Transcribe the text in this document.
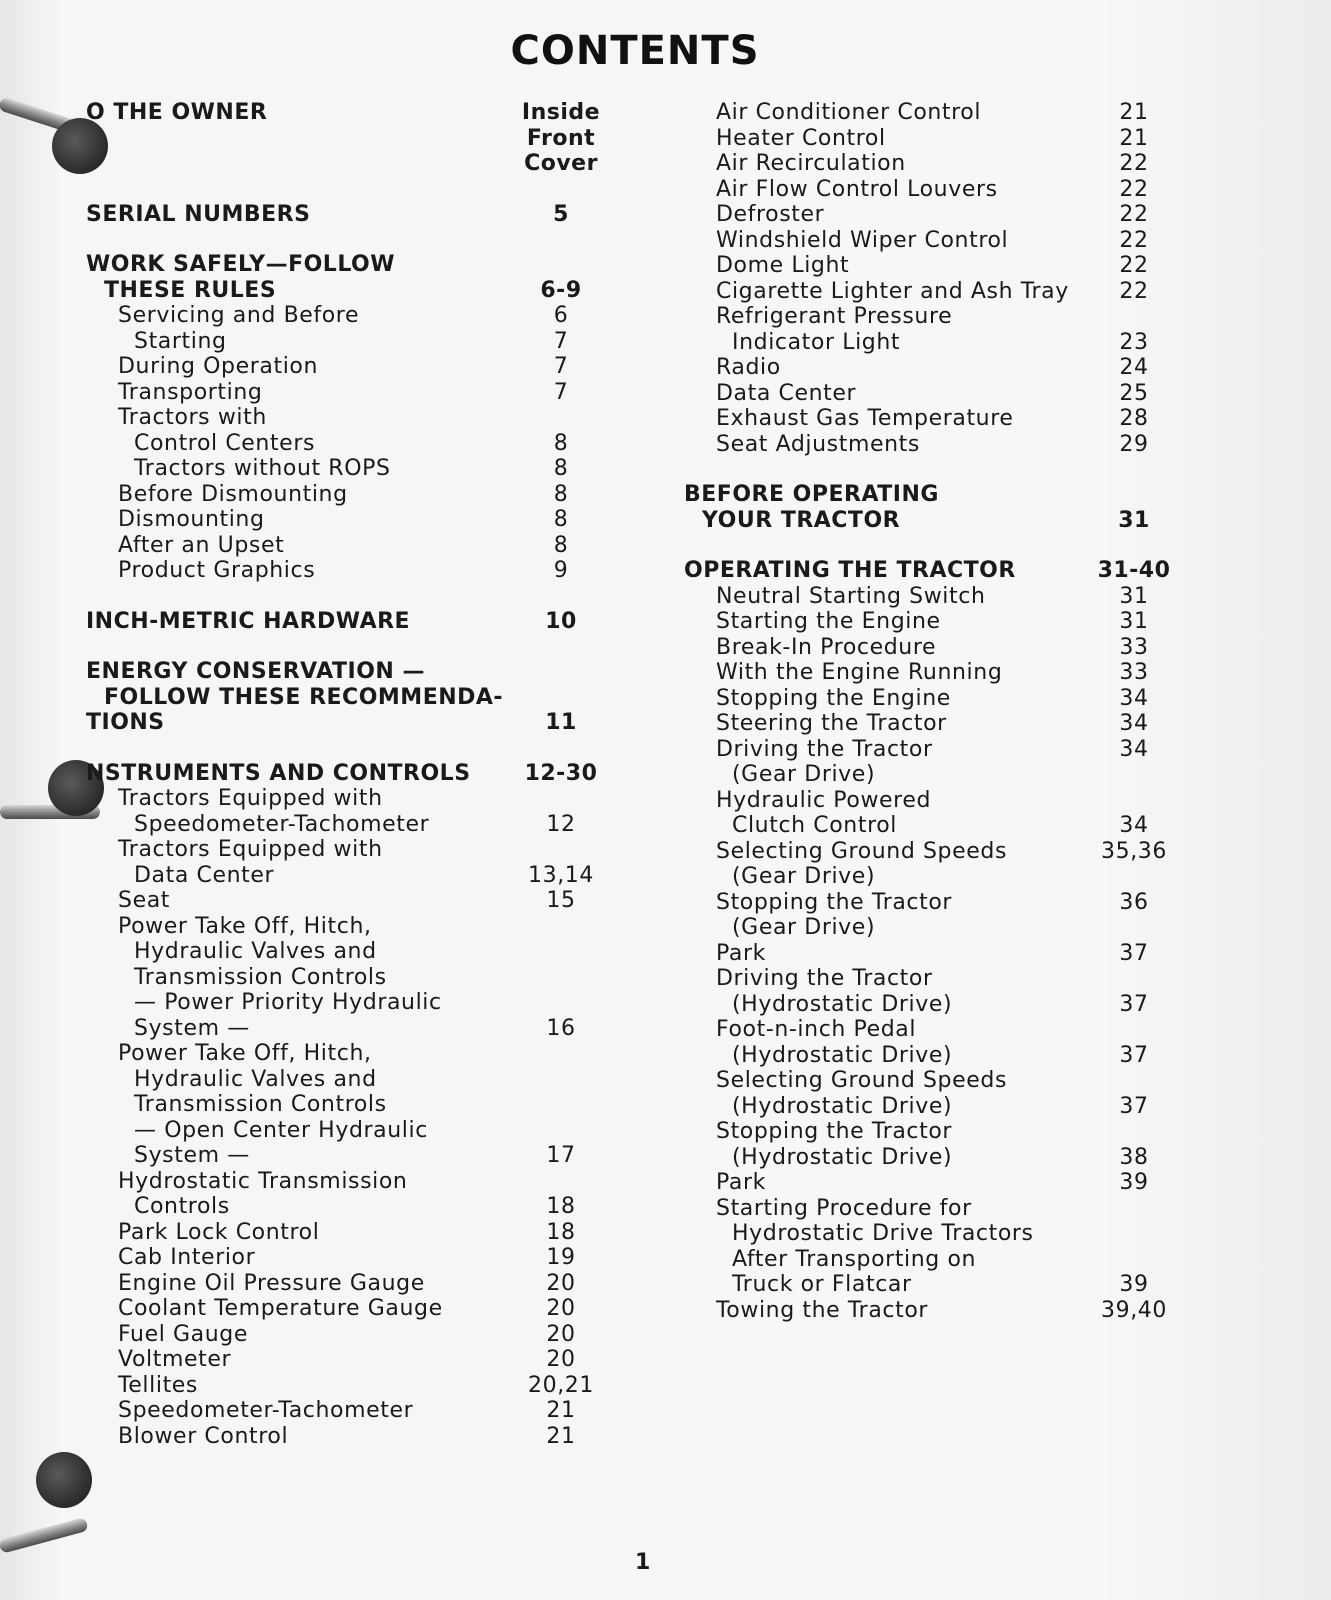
CONTENTS
O THE OWNER	Inside
Front
Cover
SERIAL NUMBERS	5
WORK SAFELY—FOLLOW
THESE RULES	6-9
Servicing and Before	6
Starting	7
During Operation	7
Transporting	7
Tractors with
Control Centers	8
Tractors without ROPS	8
Before Dismounting	8
Dismounting	8
After an Upset	8
Product Graphics	9
INCH-METRIC HARDWARE	10
ENERGY CONSERVATION —
FOLLOW THESE RECOMMENDA-
TIONS	11
NSTRUMENTS AND CONTROLS	12-30
Tractors Equipped with
Speedometer-Tachometer	12
Tractors Equipped with
Data Center	13,14
Seat	15
Power Take Off, Hitch,
Hydraulic Valves and
Transmission Controls
— Power Priority Hydraulic
System —	16
Power Take Off, Hitch,
Hydraulic Valves and
Transmission Controls
— Open Center Hydraulic
System —	17
Hydrostatic Transmission
Controls	18
Park Lock Control	18
Cab Interior	19
Engine Oil Pressure Gauge	20
Coolant Temperature Gauge	20
Fuel Gauge	20
Voltmeter	20
Tellites	20,21
Speedometer-Tachometer	21
Blower Control	21
Air Conditioner Control	21
Heater Control	21
Air Recirculation	22
Air Flow Control Louvers	22
Defroster	22
Windshield Wiper Control	22
Dome Light	22
Cigarette Lighter and Ash Tray	22
Refrigerant Pressure
Indicator Light	23
Radio	24
Data Center	25
Exhaust Gas Temperature	28
Seat Adjustments	29
BEFORE OPERATING
YOUR TRACTOR	31
OPERATING THE TRACTOR	31-40
Neutral Starting Switch	31
Starting the Engine	31
Break-In Procedure	33
With the Engine Running	33
Stopping the Engine	34
Steering the Tractor	34
Driving the Tractor	34
(Gear Drive)
Hydraulic Powered
Clutch Control	34
Selecting Ground Speeds	35,36
(Gear Drive)
Stopping the Tractor	36
(Gear Drive)
Park	37
Driving the Tractor
(Hydrostatic Drive)	37
Foot-n-inch Pedal
(Hydrostatic Drive)	37
Selecting Ground Speeds
(Hydrostatic Drive)	37
Stopping the Tractor
(Hydrostatic Drive)	38
Park	39
Starting Procedure for
Hydrostatic Drive Tractors
After Transporting on
Truck or Flatcar	39
Towing the Tractor	39,40
1
